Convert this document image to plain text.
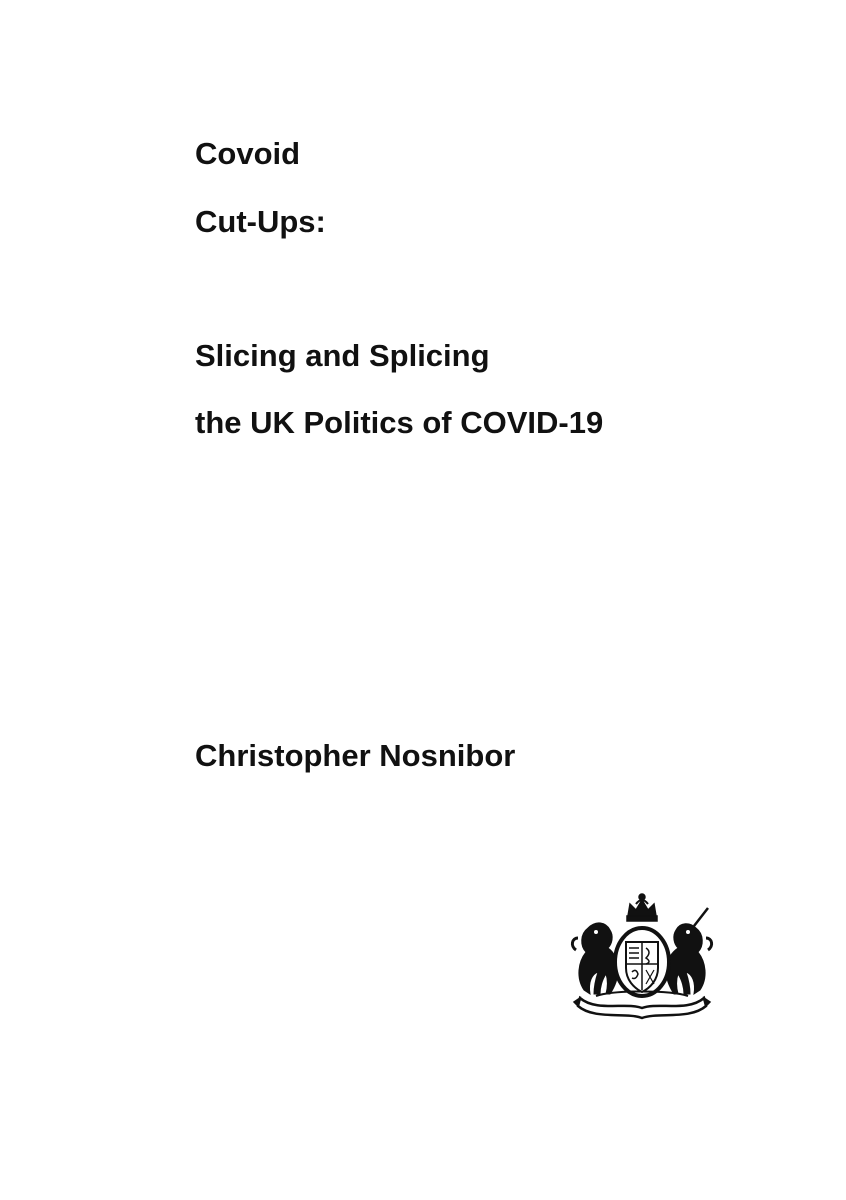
Covoid
Cut-Ups:
Slicing and Splicing
the UK Politics of COVID-19

Christopher Nosnibor
